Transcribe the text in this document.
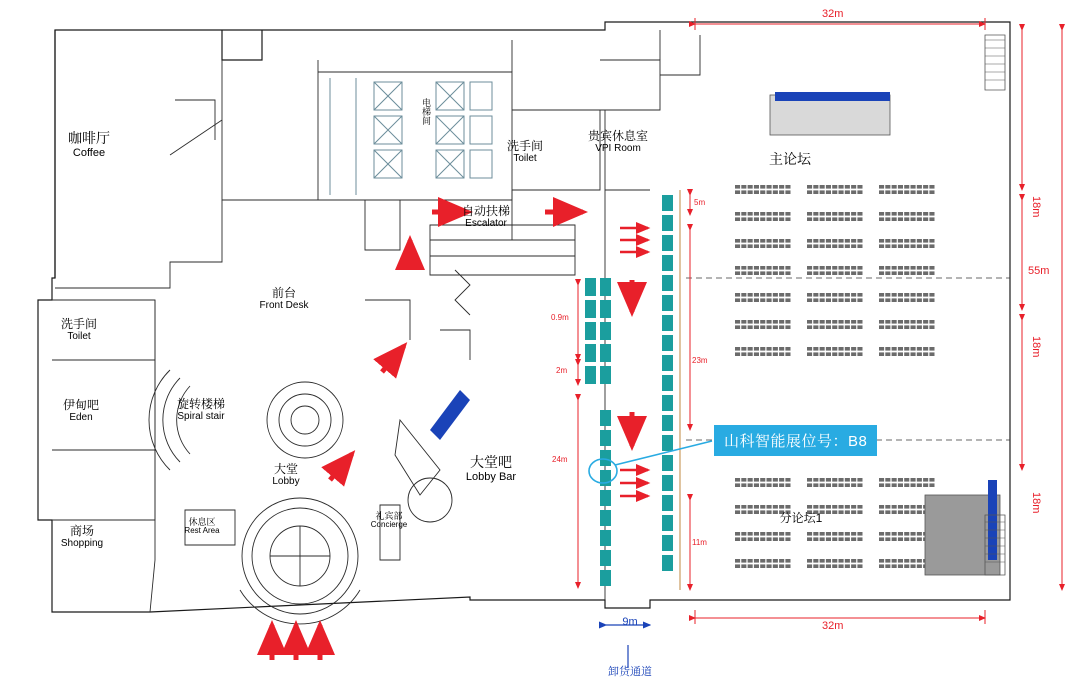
咖啡厅
Coffee
电梯间
洗手间
Toilet
贵宾休息室
VPI Room
主论坛
自动扶梯
Escalator
前台
Front Desk
洗手间
Toilet
伊甸吧
Eden
旋转楼梯
Spiral stair
大堂
Lobby
大堂吧
Lobby Bar
商场
Shopping
休息区
Rest Area
礼宾部
Concierge	分论坛1
32m
32m
55m
18m
18m
18m
5m
23m
11m
0.9m
2m
24m
9m
卸货通道
山科智能展位号：B8
